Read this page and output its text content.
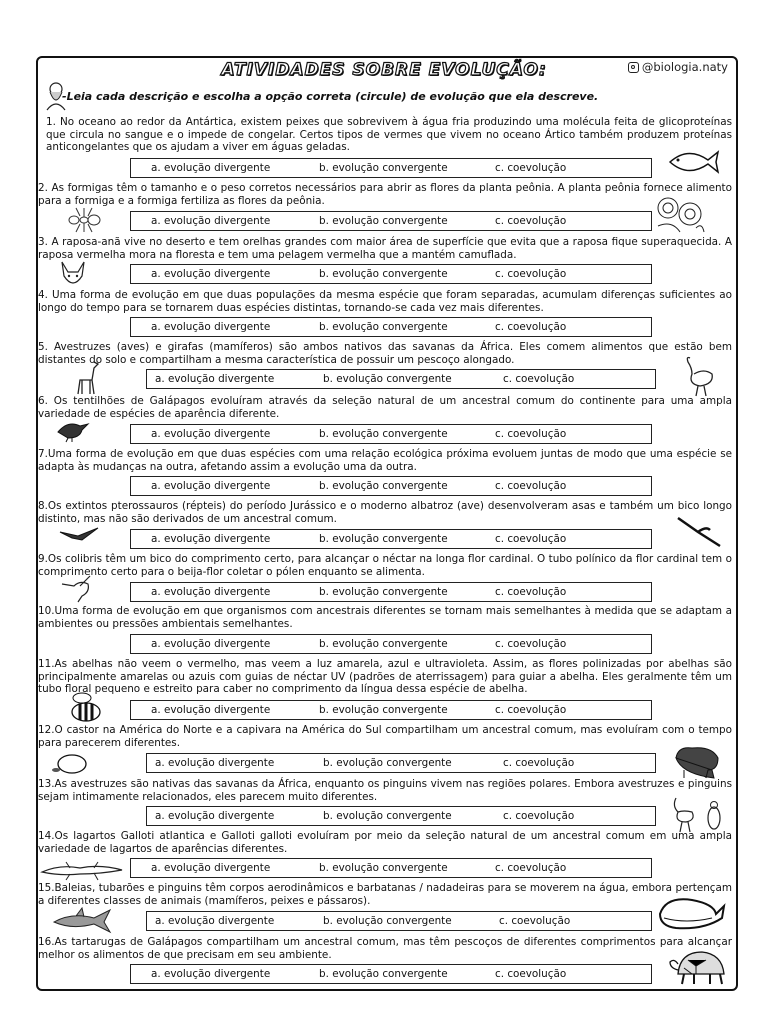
ATIVIDADES SOBRE EVOLUÇÃO:	@biologia.naty
-Leia cada descrição e escolha a opção correta (circule) de evolução que ela descreve.
1. No oceano ao redor da Antártica, existem peixes que sobrevivem à água fria produzindo uma molécula feita de glicoproteínas que circula no sangue e o impede de congelar. Certos tipos de vermes que vivem no oceano Ártico também produzem proteínas anticongelantes que os ajudam a viver em águas geladas.
a. evolução divergente	b. evolução convergente	c. coevolução
2. As formigas têm o tamanho e o peso corretos necessários para abrir as flores da planta peônia. A planta peônia fornece alimento para a formiga e a formiga fertiliza as flores da peônia.
a. evolução divergente	b. evolução convergente	c. coevolução
3. A raposa-anã vive no deserto e tem orelhas grandes com maior área de superfície que evita que a raposa fique superaquecida. A raposa vermelha mora na floresta e tem uma pelagem vermelha que a mantém camuflada.
a. evolução divergente	b. evolução convergente	c. coevolução
4. Uma forma de evolução em que duas populações da mesma espécie que foram separadas, acumulam diferenças suficientes ao longo do tempo para se tornarem duas espécies distintas, tornando-se cada vez mais diferentes.
a. evolução divergente	b. evolução convergente	c. coevolução
5. Avestruzes (aves) e girafas (mamíferos) são ambos nativos das savanas da África. Eles comem alimentos que estão bem distantes do solo e compartilham a mesma característica de possuir um pescoço alongado.
a. evolução divergente	b. evolução convergente	c. coevolução
6. Os tentilhões de Galápagos evoluíram através da seleção natural de um ancestral comum do continente para uma ampla variedade de espécies de aparência diferente.
a. evolução divergente	b. evolução convergente	c. coevolução
7.Uma forma de evolução em que duas espécies com uma relação ecológica próxima evoluem juntas de modo que uma espécie se adapta às mudanças na outra, afetando assim a evolução uma da outra.
a. evolução divergente	b. evolução convergente	c. coevolução
8.Os extintos pterossauros (répteis) do período Jurássico e o moderno albatroz (ave) desenvolveram asas e também um bico longo distinto, mas não são derivados de um ancestral comum.
a. evolução divergente	b. evolução convergente	c. coevolução
9.Os colibris têm um bico do comprimento certo, para alcançar o néctar na longa flor cardinal. O tubo polínico da flor cardinal tem o comprimento certo para o beija-flor coletar o pólen enquanto se alimenta.
a. evolução divergente	b. evolução convergente	c. coevolução
10.Uma forma de evolução em que organismos com ancestrais diferentes se tornam mais semelhantes à medida que se adaptam a ambientes ou pressões ambientais semelhantes.
a. evolução divergente	b. evolução convergente	c. coevolução
11.As abelhas não veem o vermelho, mas veem a luz amarela, azul e ultravioleta. Assim, as flores polinizadas por abelhas são principalmente amarelas ou azuis com guias de néctar UV (padrões de aterrissagem) para guiar a abelha. Eles geralmente têm um tubo floral pequeno e estreito para caber no comprimento da língua dessa espécie de abelha.
a. evolução divergente	b. evolução convergente	c. coevolução
12.O castor na América do Norte e a capivara na América do Sul compartilham um ancestral comum, mas evoluíram com o tempo para parecerem diferentes.
a. evolução divergente	b. evolução convergente	c. coevolução
13.As avestruzes são nativas das savanas da África, enquanto os pinguins vivem nas regiões polares. Embora avestruzes e pinguins sejam intimamente relacionados, eles parecem muito diferentes.
a. evolução divergente	b. evolução convergente	c. coevolução
14.Os lagartos Galloti atlantica e Galloti galloti evoluíram por meio da seleção natural de um ancestral comum em uma ampla variedade de lagartos de aparências diferentes.
a. evolução divergente	b. evolução convergente	c. coevolução
15.Baleias, tubarões e pinguins têm corpos aerodinâmicos e barbatanas / nadadeiras para se moverem na água, embora pertençam a diferentes classes de animais (mamíferos, peixes e pássaros).
a. evolução divergente	b. evolução convergente	c. coevolução
16.As tartarugas de Galápagos compartilham um ancestral comum, mas têm pescoços de diferentes comprimentos para alcançar melhor os alimentos de que precisam em seu ambiente.
a. evolução divergente	b. evolução convergente	c. coevolução
